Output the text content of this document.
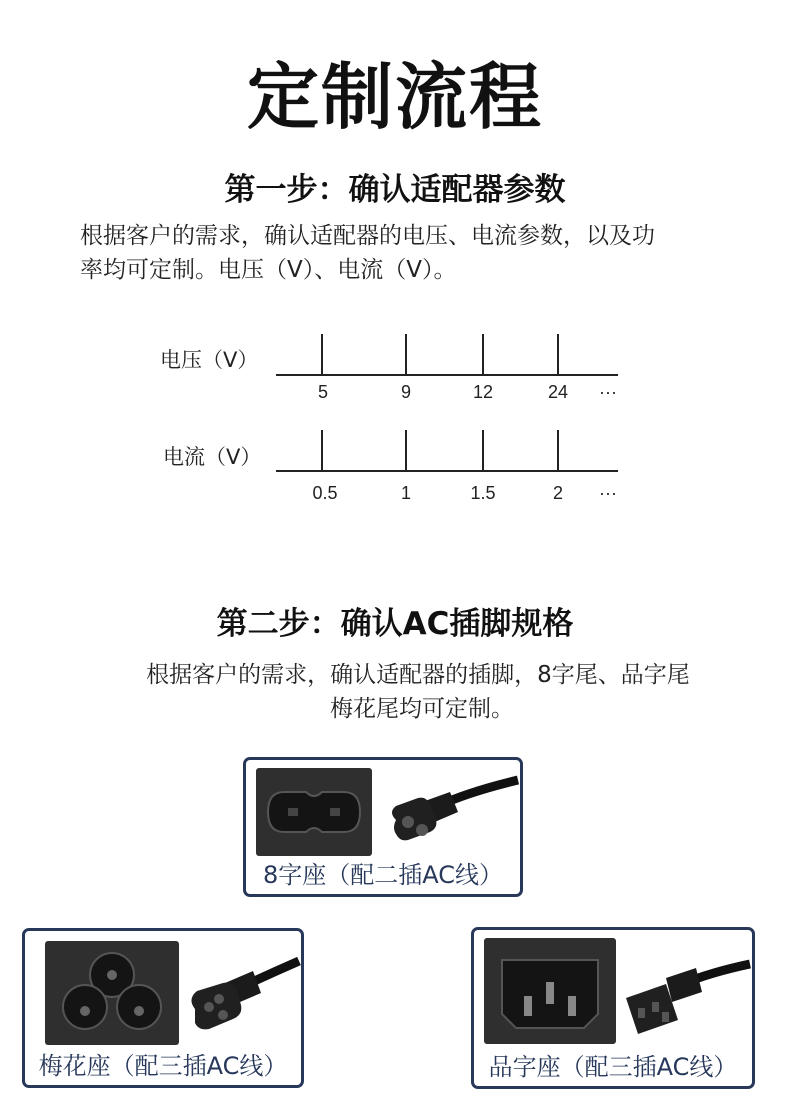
定制流程
第一步：确认适配器参数
根据客户的需求，确认适配器的电压、电流参数，以及功
率均可定制。电压（V）、电流（V）。
电压（V）
5	9	12	24	···
电流（V）
0.5	1	1.5	2	···
第二步：确认AC插脚规格
根据客户的需求，确认适配器的插脚，8字尾、品字尾
梅花尾均可定制。
8字座（配二插AC线）
梅花座（配三插AC线）	品字座（配三插AC线）
